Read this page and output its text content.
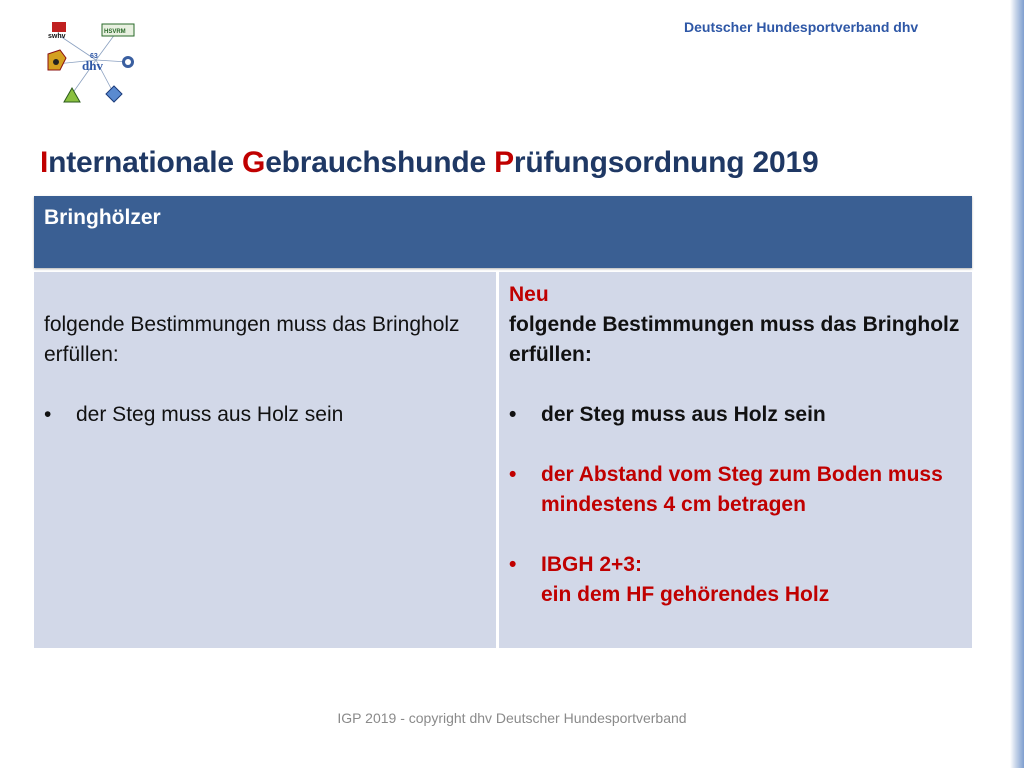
Deutscher Hundesportverband dhv
swhv
HSVRM
63
dhv
Internationale Gebrauchshunde Prüfungsordnung 2019
Bringhölzer
folgende Bestimmungen muss das Bringholz erfüllen:
• der Steg muss aus Holz sein
Neu
folgende Bestimmungen muss das Bringholz erfüllen:
• der Steg muss aus Holz sein
• der Abstand vom Steg zum Boden muss mindestens 4 cm betragen
• IBGH 2+3:
ein dem HF gehörendes Holz
IGP 2019 - copyright dhv Deutscher Hundesportverband
